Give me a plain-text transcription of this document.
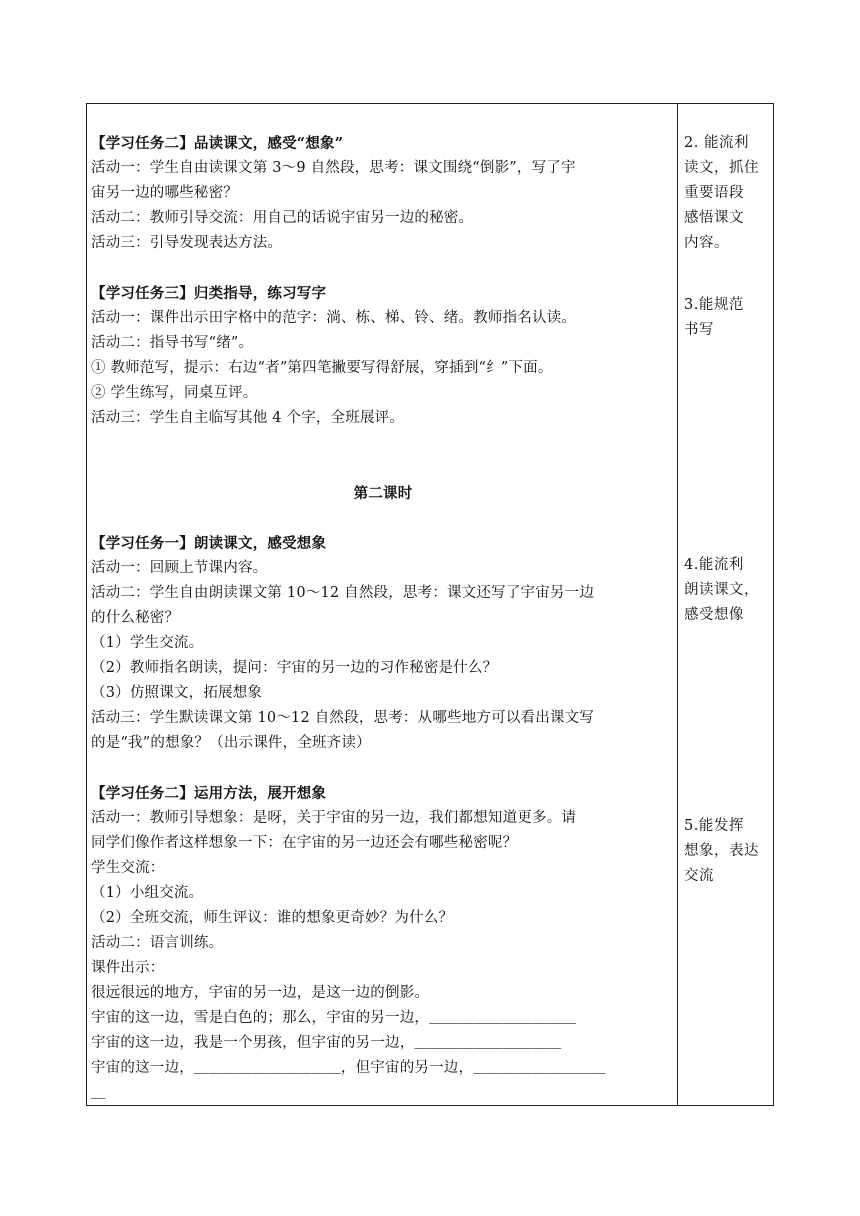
【学习任务二】品读课文，感受“想象”
活动一：学生自由读课文第 3～9 自然段，思考：课文围绕“倒影”，写了宇
宙另一边的哪些秘密？
活动二：教师引导交流：用自己的话说宇宙另一边的秘密。
活动三：引导发现表达方法。
【学习任务三】归类指导，练习写字
活动一：课件出示田字格中的范字：淌、栋、梯、铃、绪。教师指名认读。
活动二：指导书写“绪”。
① 教师范写，提示：右边“者”第四笔撇要写得舒展，穿插到“纟”下面。
② 学生练写，同桌互评。
活动三：学生自主临写其他 4 个字，全班展评。
第二课时
【学习任务一】朗读课文，感受想象
活动一：回顾上节课内容。
活动二：学生自由朗读课文第 10～12 自然段，思考：课文还写了宇宙另一边
的什么秘密？
（1）学生交流。
（2）教师指名朗读，提问：宇宙的另一边的习作秘密是什么？
（3）仿照课文，拓展想象
活动三：学生默读课文第 10～12 自然段，思考：从哪些地方可以看出课文写
的是“我”的想象？（出示课件，全班齐读）
【学习任务二】运用方法，展开想象
活动一：教师引导想象：是呀，关于宇宙的另一边，我们都想知道更多。请
同学们像作者这样想象一下：在宇宙的另一边还会有哪些秘密呢？
学生交流：
（1）小组交流。
（2）全班交流，师生评议：谁的想象更奇妙？为什么？
活动二：语言训练。
课件出示：
很远很远的地方，宇宙的另一边，是这一边的倒影。
宇宙的这一边，雪是白色的；那么，宇宙的另一边，＿＿＿＿＿＿＿＿＿＿
宇宙的这一边，我是一个男孩，但宇宙的另一边，＿＿＿＿＿＿＿＿＿＿
宇宙的这一边，＿＿＿＿＿＿＿＿＿＿，但宇宙的另一边，＿＿＿＿＿＿＿＿＿
＿
2. 能流利
读文，抓住
重要语段
感悟课文
内容。
3.能规范
书写
4.能流利
朗读课文，
感受想像
5.能发挥
想象，表达
交流
